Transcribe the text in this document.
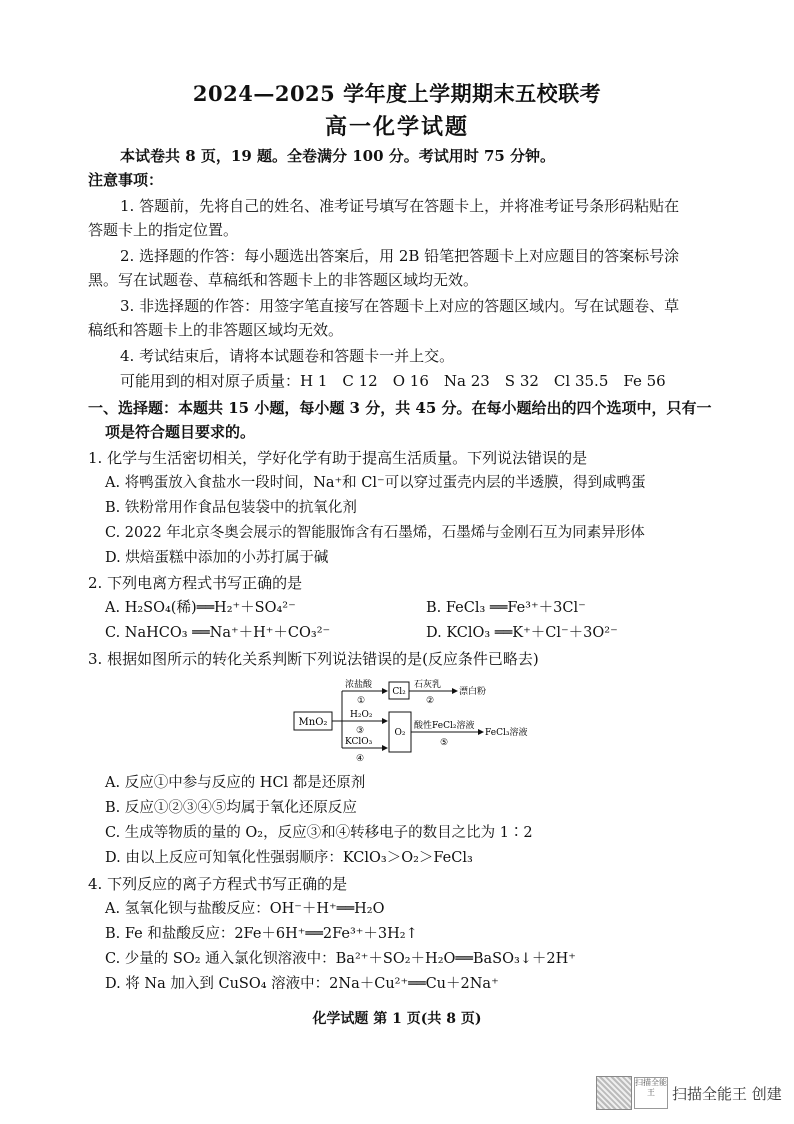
2024—2025 学年度上学期期末五校联考
高一化学试题
本试卷共 8 页，19 题。全卷满分 100 分。考试用时 75 分钟。
注意事项：
1. 答题前，先将自己的姓名、准考证号填写在答题卡上，并将准考证号条形码粘贴在
答题卡上的指定位置。
2. 选择题的作答：每小题选出答案后，用 2B 铅笔把答题卡上对应题目的答案标号涂
黑。写在试题卷、草稿纸和答题卡上的非答题区域均无效。
3. 非选择题的作答：用签字笔直接写在答题卡上对应的答题区域内。写在试题卷、草
稿纸和答题卡上的非答题区域均无效。
4. 考试结束后，请将本试题卷和答题卡一并上交。
可能用到的相对原子质量：H 1　C 12　O 16　Na 23　S 32　Cl 35.5　Fe 56
一、选择题：本题共 15 小题，每小题 3 分，共 45 分。在每小题给出的四个选项中，只有一
项是符合题目要求的。
1. 化学与生活密切相关，学好化学有助于提高生活质量。下列说法错误的是
A. 将鸭蛋放入食盐水一段时间，Na⁺和 Cl⁻可以穿过蛋壳内层的半透膜，得到咸鸭蛋
B. 铁粉常用作食品包装袋中的抗氧化剂
C. 2022 年北京冬奥会展示的智能服饰含有石墨烯，石墨烯与金刚石互为同素异形体
D. 烘焙蛋糕中添加的小苏打属于碱
2. 下列电离方程式书写正确的是
A. H₂SO₄(稀)══H₂⁺＋SO₄²⁻	B. FeCl₃ ══Fe³⁺＋3Cl⁻
C. NaHCO₃ ══Na⁺＋H⁺＋CO₃²⁻	D. KClO₃ ══K⁺＋Cl⁻＋3O²⁻
3. 根据如图所示的转化关系判断下列说法错误的是(反应条件已略去)
MnO₂
浓盐酸
①
Cl₂
石灰乳
②
漂白粉
H₂O₂
③
KClO₃
④
O₂
酸性FeCl₂溶液
⑤
FeCl₃溶液
A. 反应①中参与反应的 HCl 都是还原剂
B. 反应①②③④⑤均属于氧化还原反应
C. 生成等物质的量的 O₂，反应③和④转移电子的数目之比为 1∶2
D. 由以上反应可知氧化性强弱顺序：KClO₃＞O₂＞FeCl₃
4. 下列反应的离子方程式书写正确的是
A. 氢氧化钡与盐酸反应：OH⁻＋H⁺══H₂O
B. Fe 和盐酸反应：2Fe＋6H⁺══2Fe³⁺＋3H₂↑
C. 少量的 SO₂ 通入氯化钡溶液中：Ba²⁺＋SO₂＋H₂O══BaSO₃↓＋2H⁺
D. 将 Na 加入到 CuSO₄ 溶液中：2Na＋Cu²⁺══Cu＋2Na⁺
化学试题 第 1 页(共 8 页)
扫描全能王	扫描全能王 创建
